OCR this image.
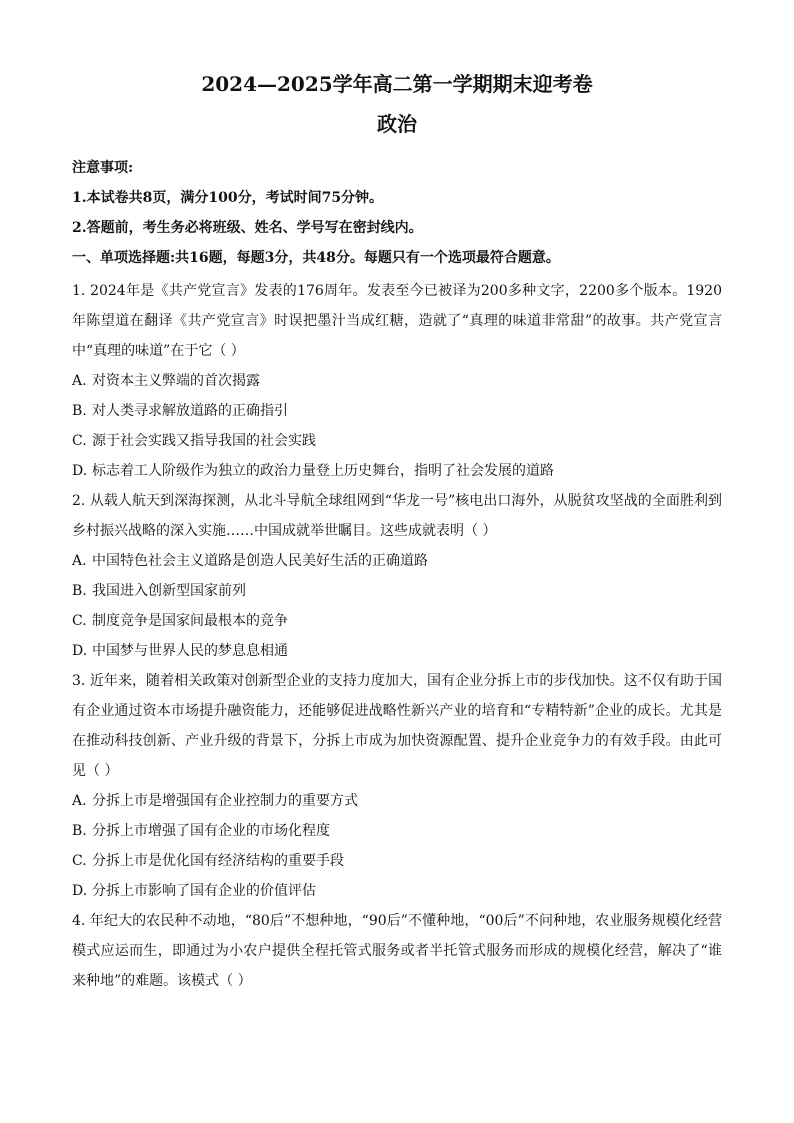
2024—2025学年高二第一学期期末迎考卷

政治

注意事项:

1.本试卷共8页，满分100分，考试时间75分钟。

2.答题前，考生务必将班级、姓名、学号写在密封线内。

一、单项选择题:共16题，每题3分，共48分。每题只有一个选项最符合题意。

1. 2024年是《共产党宣言》发表的176周年。发表至今已被译为200多种文字，2200多个版本。1920年陈望道在翻译《共产党宣言》时误把墨汁当成红糖，造就了“真理的味道非常甜”的故事。共产党宣言中“真理的味道”在于它（ ）

A. 对资本主义弊端的首次揭露

B. 对人类寻求解放道路的正确指引

C. 源于社会实践又指导我国的社会实践

D. 标志着工人阶级作为独立的政治力量登上历史舞台，指明了社会发展的道路

2. 从载人航天到深海探测，从北斗导航全球组网到“华龙一号”核电出口海外，从脱贫攻坚战的全面胜利到乡村振兴战略的深入实施……中国成就举世瞩目。这些成就表明（ ）

A. 中国特色社会主义道路是创造人民美好生活的正确道路

B. 我国进入创新型国家前列

C. 制度竞争是国家间最根本的竞争

D. 中国梦与世界人民的梦息息相通

3. 近年来，随着相关政策对创新型企业的支持力度加大，国有企业分拆上市的步伐加快。这不仅有助于国有企业通过资本市场提升融资能力，还能够促进战略性新兴产业的培育和“专精特新”企业的成长。尤其是在推动科技创新、产业升级的背景下，分拆上市成为加快资源配置、提升企业竞争力的有效手段。由此可见（ ）

A. 分拆上市是增强国有企业控制力的重要方式

B. 分拆上市增强了国有企业的市场化程度

C. 分拆上市是优化国有经济结构的重要手段

D. 分拆上市影响了国有企业的价值评估

4. 年纪大的农民种不动地，“80后”不想种地，“90后”不懂种地，“00后”不问种地，农业服务规模化经营模式应运而生，即通过为小农户提供全程托管式服务或者半托管式服务而形成的规模化经营，解决了“谁来种地”的难题。该模式（ ）
